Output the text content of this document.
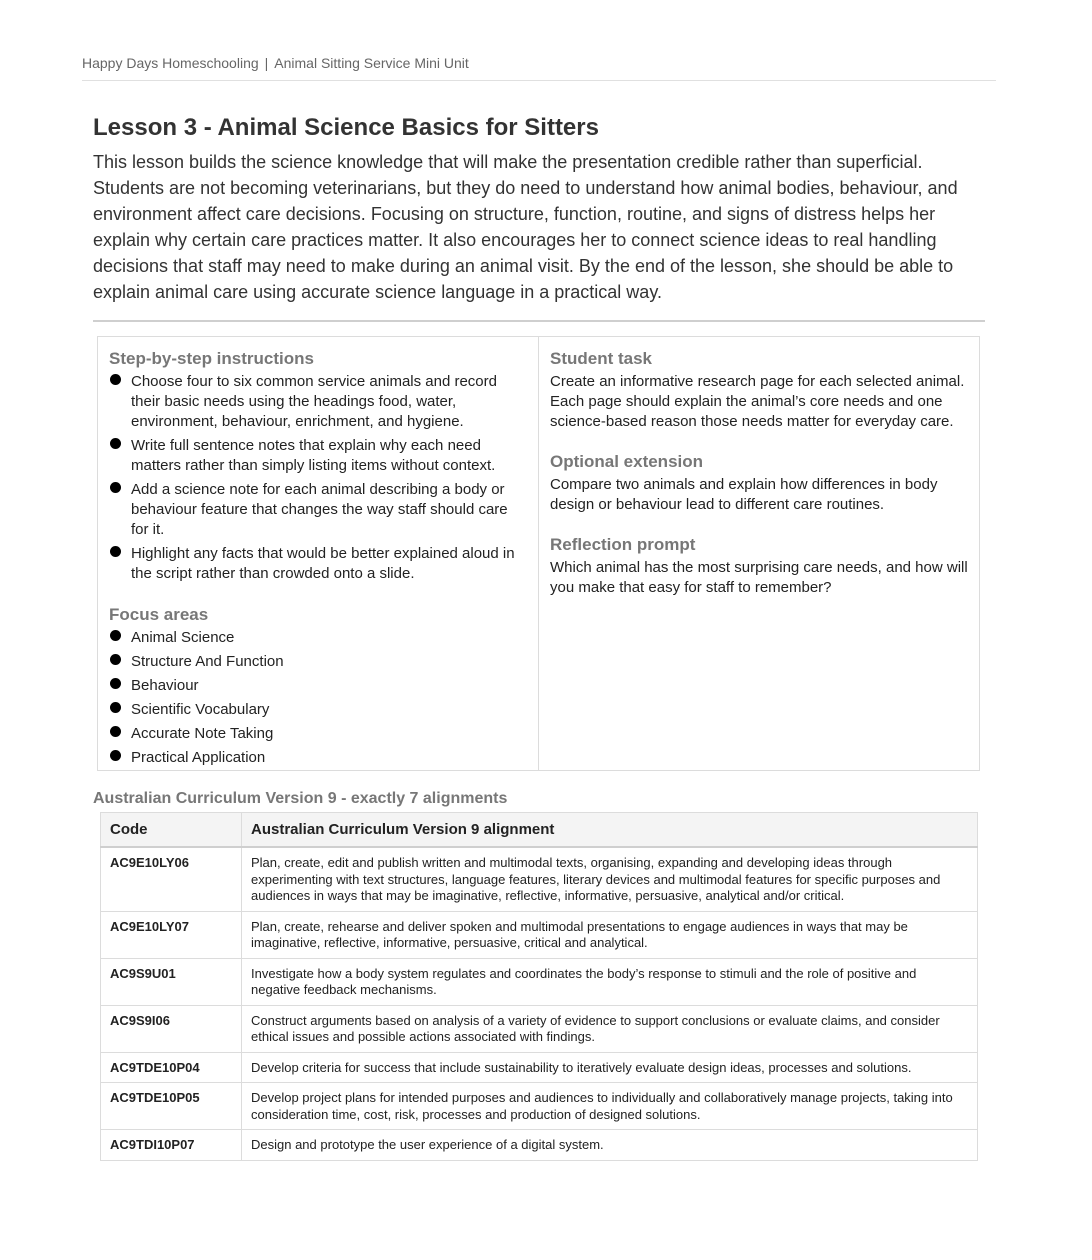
Happy Days Homeschooling | Animal Sitting Service Mini Unit
Lesson 3 - Animal Science Basics for Sitters

This lesson builds the science knowledge that will make the presentation credible rather than superficial. Students are not becoming veterinarians, but they do need to understand how animal bodies, behaviour, and environment affect care decisions. Focusing on structure, function, routine, and signs of distress helps her explain why certain care practices matter. It also encourages her to connect science ideas to real handling decisions that staff may need to make during an animal visit. By the end of the lesson, she should be able to explain animal care using accurate science language in a practical way.

Step-by-step instructions
Choose four to six common service animals and record their basic needs using the headings food, water, environment, behaviour, enrichment, and hygiene.
Write full sentence notes that explain why each need matters rather than simply listing items without context.
Add a science note for each animal describing a body or behaviour feature that changes the way staff should care for it.
Highlight any facts that would be better explained aloud in the script rather than crowded onto a slide.
Focus areas
Animal Science
Structure And Function
Behaviour
Scientific Vocabulary
Accurate Note Taking
Practical Application
Student task

Create an informative research page for each selected animal. Each page should explain the animal’s core needs and one science-based reason those needs matter for everyday care.

Optional extension

Compare two animals and explain how differences in body design or behaviour lead to different care routines.

Reflection prompt

Which animal has the most surprising care needs, and how will you make that easy for staff to remember?

Australian Curriculum Version 9 - exactly 7 alignments
Code	Australian Curriculum Version 9 alignment
AC9E10LY06	Plan, create, edit and publish written and multimodal texts, organising, expanding and developing ideas through experimenting with text structures, language features, literary devices and multimodal features for specific purposes and audiences in ways that may be imaginative, reflective, informative, persuasive, analytical and/or critical.
AC9E10LY07	Plan, create, rehearse and deliver spoken and multimodal presentations to engage audiences in ways that may be imaginative, reflective, informative, persuasive, critical and analytical.
AC9S9U01	Investigate how a body system regulates and coordinates the body’s response to stimuli and the role of positive and negative feedback mechanisms.
AC9S9I06	Construct arguments based on analysis of a variety of evidence to support conclusions or evaluate claims, and consider ethical issues and possible actions associated with findings.
AC9TDE10P04	Develop criteria for success that include sustainability to iteratively evaluate design ideas, processes and solutions.
AC9TDE10P05	Develop project plans for intended purposes and audiences to individually and collaboratively manage projects, taking into consideration time, cost, risk, processes and production of designed solutions.
AC9TDI10P07	Design and prototype the user experience of a digital system.
